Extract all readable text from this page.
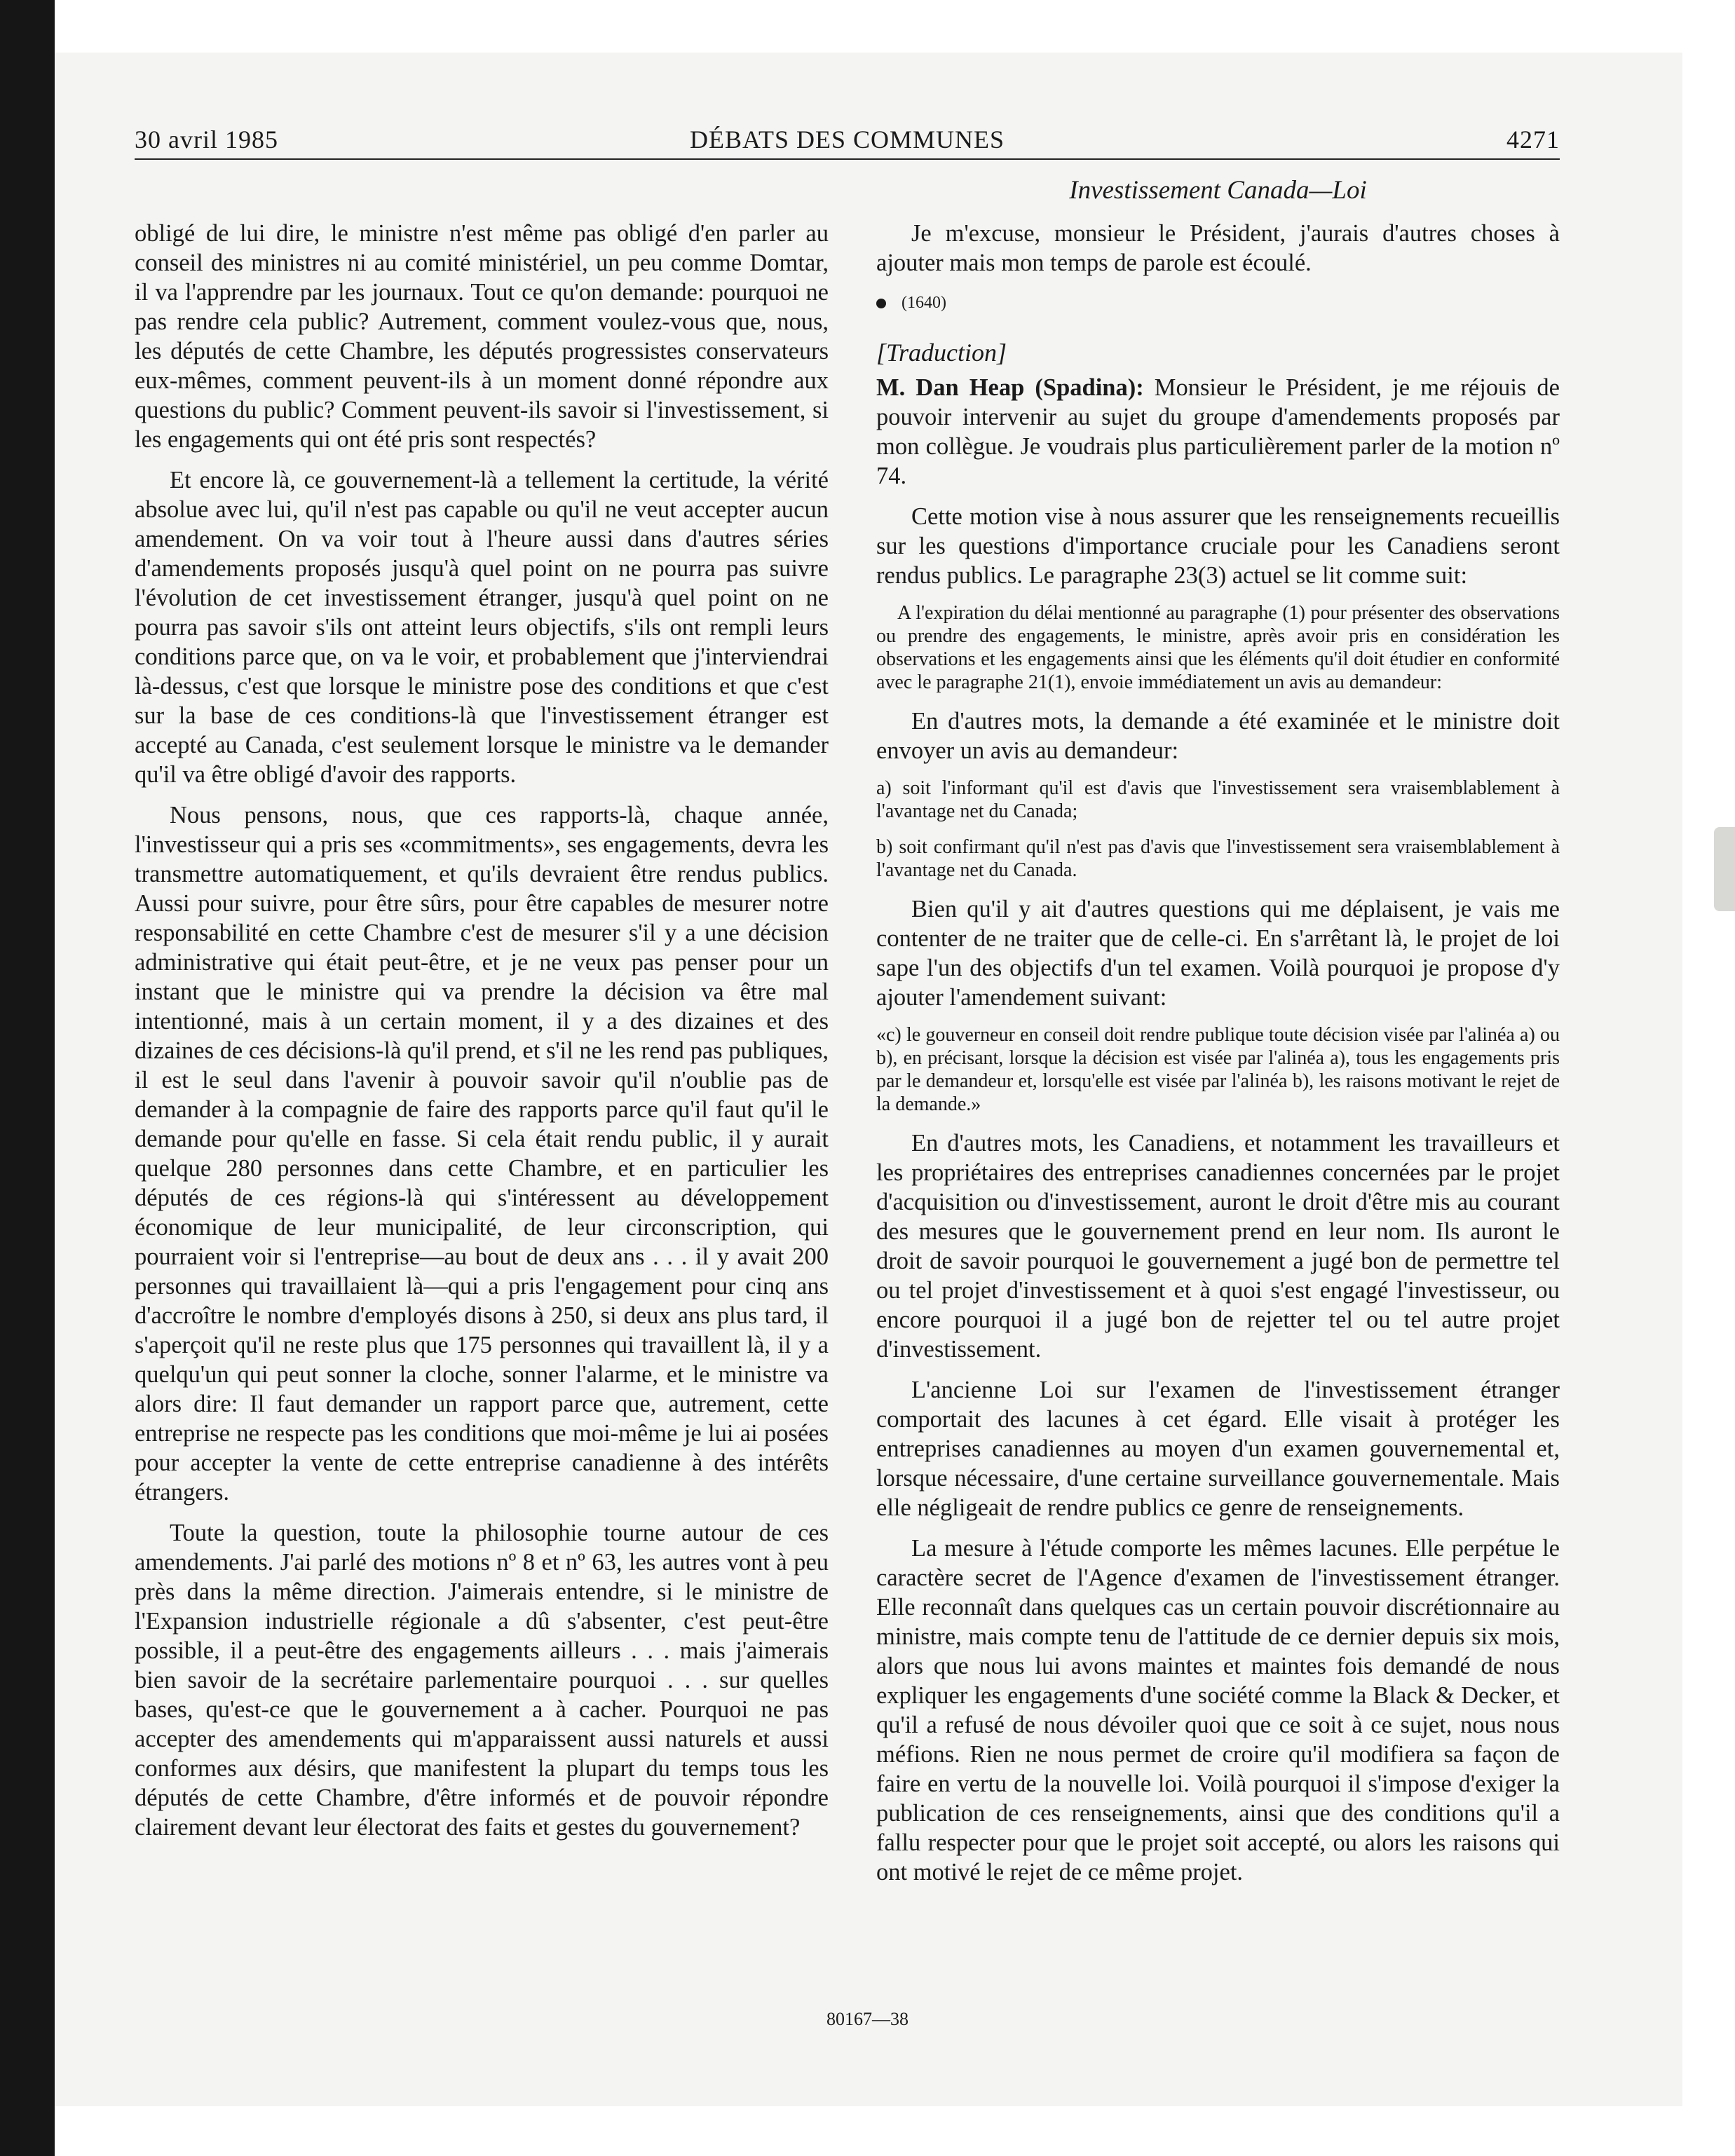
30 avril 1985	DÉBATS DES COMMUNES	4271
Investissement Canada—Loi

obligé de lui dire, le ministre n'est même pas obligé d'en parler au conseil des ministres ni au comité ministériel, un peu comme Domtar, il va l'apprendre par les journaux. Tout ce qu'on demande: pourquoi ne pas rendre cela public? Autrement, comment voulez-vous que, nous, les députés de cette Chambre, les députés progressistes conservateurs eux-mêmes, comment peuvent-ils à un moment donné répondre aux questions du public? Comment peuvent-ils savoir si l'investissement, si les engagements qui ont été pris sont respectés?

Et encore là, ce gouvernement-là a tellement la certitude, la vérité absolue avec lui, qu'il n'est pas capable ou qu'il ne veut accepter aucun amendement. On va voir tout à l'heure aussi dans d'autres séries d'amendements proposés jusqu'à quel point on ne pourra pas suivre l'évolution de cet investissement étranger, jusqu'à quel point on ne pourra pas savoir s'ils ont atteint leurs objectifs, s'ils ont rempli leurs conditions parce que, on va le voir, et probablement que j'interviendrai là-dessus, c'est que lorsque le ministre pose des conditions et que c'est sur la base de ces conditions-là que l'investissement étranger est accepté au Canada, c'est seulement lorsque le ministre va le demander qu'il va être obligé d'avoir des rapports.

Nous pensons, nous, que ces rapports-là, chaque année, l'investisseur qui a pris ses «commitments», ses engagements, devra les transmettre automatiquement, et qu'ils devraient être rendus publics. Aussi pour suivre, pour être sûrs, pour être capables de mesurer notre responsabilité en cette Chambre c'est de mesurer s'il y a une décision administrative qui était peut-être, et je ne veux pas penser pour un instant que le ministre qui va prendre la décision va être mal intentionné, mais à un certain moment, il y a des dizaines et des dizaines de ces décisions-là qu'il prend, et s'il ne les rend pas publiques, il est le seul dans l'avenir à pouvoir savoir qu'il n'oublie pas de demander à la compagnie de faire des rapports parce qu'il faut qu'il le demande pour qu'elle en fasse. Si cela était rendu public, il y aurait quelque 280 personnes dans cette Chambre, et en particulier les députés de ces régions-là qui s'intéressent au développement économique de leur municipalité, de leur circonscription, qui pourraient voir si l'entreprise—au bout de deux ans . . . il y avait 200 personnes qui travaillaient là—qui a pris l'engagement pour cinq ans d'accroître le nombre d'employés disons à 250, si deux ans plus tard, il s'aperçoit qu'il ne reste plus que 175 personnes qui travaillent là, il y a quelqu'un qui peut sonner la cloche, sonner l'alarme, et le ministre va alors dire: Il faut demander un rapport parce que, autrement, cette entreprise ne respecte pas les conditions que moi-même je lui ai posées pour accepter la vente de cette entreprise canadienne à des intérêts étrangers.

Toute la question, toute la philosophie tourne autour de ces amendements. J'ai parlé des motions nº 8 et nº 63, les autres vont à peu près dans la même direction. J'aimerais entendre, si le ministre de l'Expansion industrielle régionale a dû s'absenter, c'est peut-être possible, il a peut-être des engagements ailleurs . . . mais j'aimerais bien savoir de la secrétaire parlementaire pourquoi . . . sur quelles bases, qu'est-ce que le gouvernement a à cacher. Pourquoi ne pas accepter des amendements qui m'apparaissent aussi naturels et aussi conformes aux désirs, que manifestent la plupart du temps tous les députés de cette Chambre, d'être informés et de pouvoir répondre clairement devant leur électorat des faits et gestes du gouvernement?

Je m'excuse, monsieur le Président, j'aurais d'autres choses à ajouter mais mon temps de parole est écoulé.

(1640)
[Traduction]

M. Dan Heap (Spadina): Monsieur le Président, je me réjouis de pouvoir intervenir au sujet du groupe d'amendements proposés par mon collègue. Je voudrais plus particulièrement parler de la motion nº 74.

Cette motion vise à nous assurer que les renseignements recueillis sur les questions d'importance cruciale pour les Canadiens seront rendus publics. Le paragraphe 23(3) actuel se lit comme suit:

A l'expiration du délai mentionné au paragraphe (1) pour présenter des observations ou prendre des engagements, le ministre, après avoir pris en considération les observations et les engagements ainsi que les éléments qu'il doit étudier en conformité avec le paragraphe 21(1), envoie immédiatement un avis au demandeur:

En d'autres mots, la demande a été examinée et le ministre doit envoyer un avis au demandeur:

a) soit l'informant qu'il est d'avis que l'investissement sera vraisemblablement à l'avantage net du Canada;

b) soit confirmant qu'il n'est pas d'avis que l'investissement sera vraisemblablement à l'avantage net du Canada.

Bien qu'il y ait d'autres questions qui me déplaisent, je vais me contenter de ne traiter que de celle-ci. En s'arrêtant là, le projet de loi sape l'un des objectifs d'un tel examen. Voilà pourquoi je propose d'y ajouter l'amendement suivant:

«c) le gouverneur en conseil doit rendre publique toute décision visée par l'alinéa a) ou b), en précisant, lorsque la décision est visée par l'alinéa a), tous les engagements pris par le demandeur et, lorsqu'elle est visée par l'alinéa b), les raisons motivant le rejet de la demande.»

En d'autres mots, les Canadiens, et notamment les travailleurs et les propriétaires des entreprises canadiennes concernées par le projet d'acquisition ou d'investissement, auront le droit d'être mis au courant des mesures que le gouvernement prend en leur nom. Ils auront le droit de savoir pourquoi le gouvernement a jugé bon de permettre tel ou tel projet d'investissement et à quoi s'est engagé l'investisseur, ou encore pourquoi il a jugé bon de rejetter tel ou tel autre projet d'investissement.

L'ancienne Loi sur l'examen de l'investissement étranger comportait des lacunes à cet égard. Elle visait à protéger les entreprises canadiennes au moyen d'un examen gouvernemental et, lorsque nécessaire, d'une certaine surveillance gouvernementale. Mais elle négligeait de rendre publics ce genre de renseignements.

La mesure à l'étude comporte les mêmes lacunes. Elle perpétue le caractère secret de l'Agence d'examen de l'investissement étranger. Elle reconnaît dans quelques cas un certain pouvoir discrétionnaire au ministre, mais compte tenu de l'attitude de ce dernier depuis six mois, alors que nous lui avons maintes et maintes fois demandé de nous expliquer les engagements d'une société comme la Black & Decker, et qu'il a refusé de nous dévoiler quoi que ce soit à ce sujet, nous nous méfions. Rien ne nous permet de croire qu'il modifiera sa façon de faire en vertu de la nouvelle loi. Voilà pourquoi il s'impose d'exiger la publication de ces renseignements, ainsi que des conditions qu'il a fallu respecter pour que le projet soit accepté, ou alors les raisons qui ont motivé le rejet de ce même projet.

80167—38
